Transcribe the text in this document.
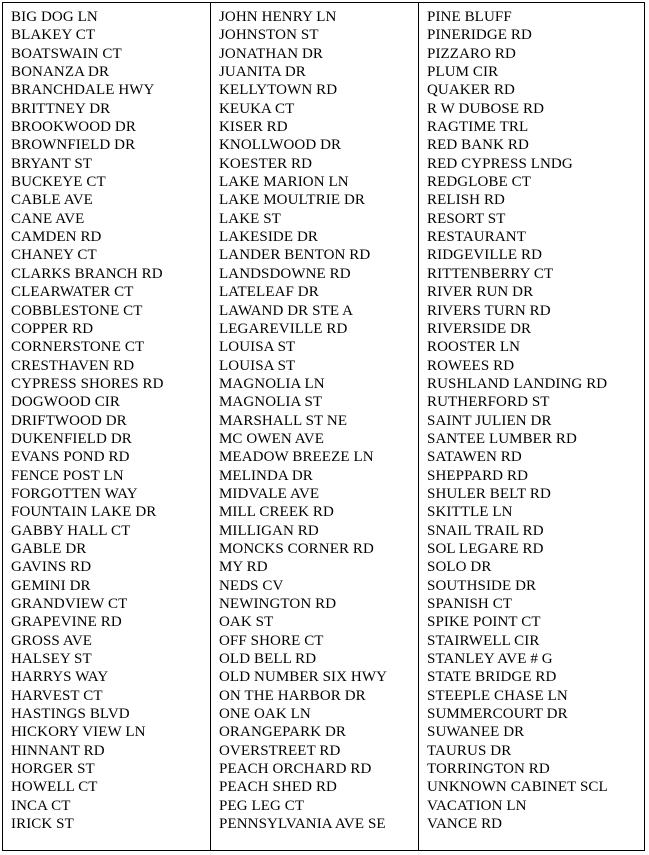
BIG DOG LN
BLAKEY CT
BOATSWAIN CT
BONANZA DR
BRANCHDALE HWY
BRITTNEY DR
BROOKWOOD DR
BROWNFIELD DR
BRYANT ST
BUCKEYE CT
CABLE AVE
CANE AVE
CAMDEN RD
CHANEY CT
CLARKS BRANCH RD
CLEARWATER CT
COBBLESTONE CT
COPPER RD
CORNERSTONE CT
CRESTHAVEN RD
CYPRESS SHORES RD
DOGWOOD CIR
DRIFTWOOD DR
DUKENFIELD DR
EVANS POND RD
FENCE POST LN
FORGOTTEN WAY
FOUNTAIN LAKE DR
GABBY HALL CT
GABLE DR
GAVINS RD
GEMINI DR
GRANDVIEW CT
GRAPEVINE RD
GROSS AVE
HALSEY ST
HARRYS WAY
HARVEST CT
HASTINGS BLVD
HICKORY VIEW LN
HINNANT RD
HORGER ST
HOWELL CT
INCA CT
IRICK ST
JOHN HENRY LN
JOHNSTON ST
JONATHAN DR
JUANITA DR
KELLYTOWN RD
KEUKA CT
KISER RD
KNOLLWOOD DR
KOESTER RD
LAKE MARION LN
LAKE MOULTRIE DR
LAKE ST
LAKESIDE DR
LANDER BENTON RD
LANDSDOWNE RD
LATELEAF DR
LAWAND DR STE A
LEGAREVILLE RD
LOUISA ST
LOUISA ST
MAGNOLIA LN
MAGNOLIA ST
MARSHALL ST NE
MC OWEN AVE
MEADOW BREEZE LN
MELINDA DR
MIDVALE AVE
MILL CREEK RD
MILLIGAN RD
MONCKS CORNER RD
MY RD
NEDS CV
NEWINGTON RD
OAK ST
OFF SHORE CT
OLD BELL RD
OLD NUMBER SIX HWY
ON THE HARBOR DR
ONE OAK LN
ORANGEPARK DR
OVERSTREET RD
PEACH ORCHARD RD
PEACH SHED RD
PEG LEG CT
PENNSYLVANIA AVE SE
PINE BLUFF
PINERIDGE RD
PIZZARO RD
PLUM CIR
QUAKER RD
R W DUBOSE RD
RAGTIME TRL
RED BANK RD
RED CYPRESS LNDG
REDGLOBE CT
RELISH RD
RESORT ST
RESTAURANT
RIDGEVILLE RD
RITTENBERRY CT
RIVER RUN DR
RIVERS TURN RD
RIVERSIDE DR
ROOSTER LN
ROWEES RD
RUSHLAND LANDING RD
RUTHERFORD ST
SAINT JULIEN DR
SANTEE LUMBER RD
SATAWEN RD
SHEPPARD RD
SHULER BELT RD
SKITTLE LN
SNAIL TRAIL RD
SOL LEGARE RD
SOLO DR
SOUTHSIDE DR
SPANISH CT
SPIKE POINT CT
STAIRWELL CIR
STANLEY AVE # G
STATE BRIDGE RD
STEEPLE CHASE LN
SUMMERCOURT DR
SUWANEE DR
TAURUS DR
TORRINGTON RD
UNKNOWN CABINET SCL
VACATION LN
VANCE RD
